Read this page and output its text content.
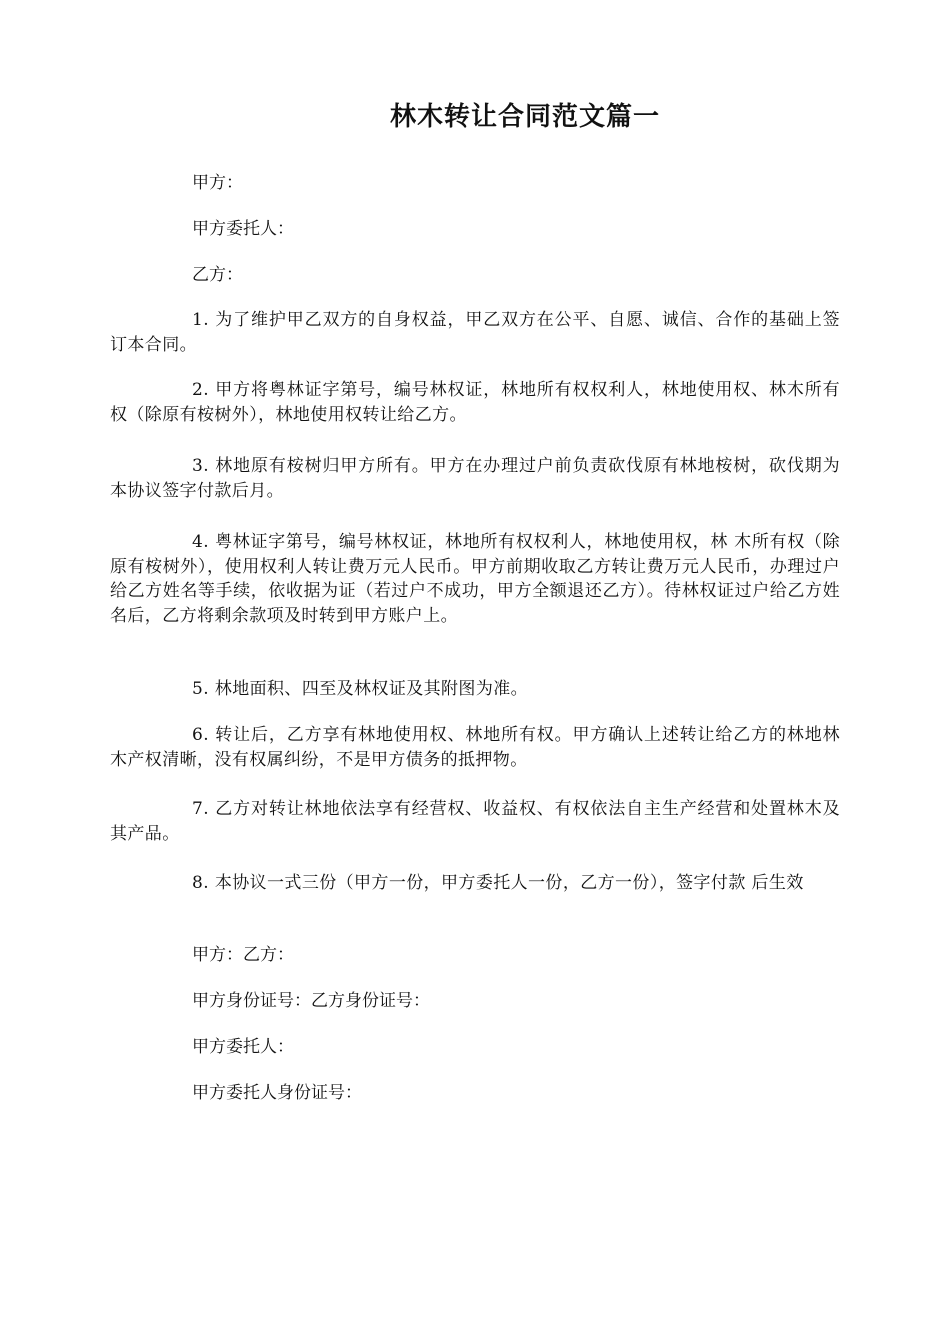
林木转让合同范文篇一

甲方：

甲方委托人：

乙方：

1. 为了维护甲乙双方的自身权益，甲乙双方在公平、自愿、诚信、合作的基础上签订本合同。

2. 甲方将粤林证字第号，编号林权证，林地所有权权利人，林地使用权、林木所有权（除原有桉树外），林地使用权转让给乙方。

3. 林地原有桉树归甲方所有。甲方在办理过户前负责砍伐原有林地桉树，砍伐期为本协议签字付款后月。

4. 粤林证字第号，编号林权证，林地所有权权利人，林地使用权，林 木所有权（除原有桉树外），使用权利人转让费万元人民币。甲方前期收取乙方转让费万元人民币，办理过户给乙方姓名等手续，依收据为证（若过户不成功，甲方全额退还乙方）。待林权证过户给乙方姓名后，乙方将剩余款项及时转到甲方账户上。

5. 林地面积、四至及林权证及其附图为准。

6. 转让后，乙方享有林地使用权、林地所有权。甲方确认上述转让给乙方的林地林木产权清晰，没有权属纠纷，不是甲方债务的抵押物。

7. 乙方对转让林地依法享有经营权、收益权、有权依法自主生产经营和处置林木及其产品。

8. 本协议一式三份（甲方一份，甲方委托人一份，乙方一份），签字付款 后生效

甲方：乙方：

甲方身份证号：乙方身份证号：

甲方委托人：

甲方委托人身份证号：
